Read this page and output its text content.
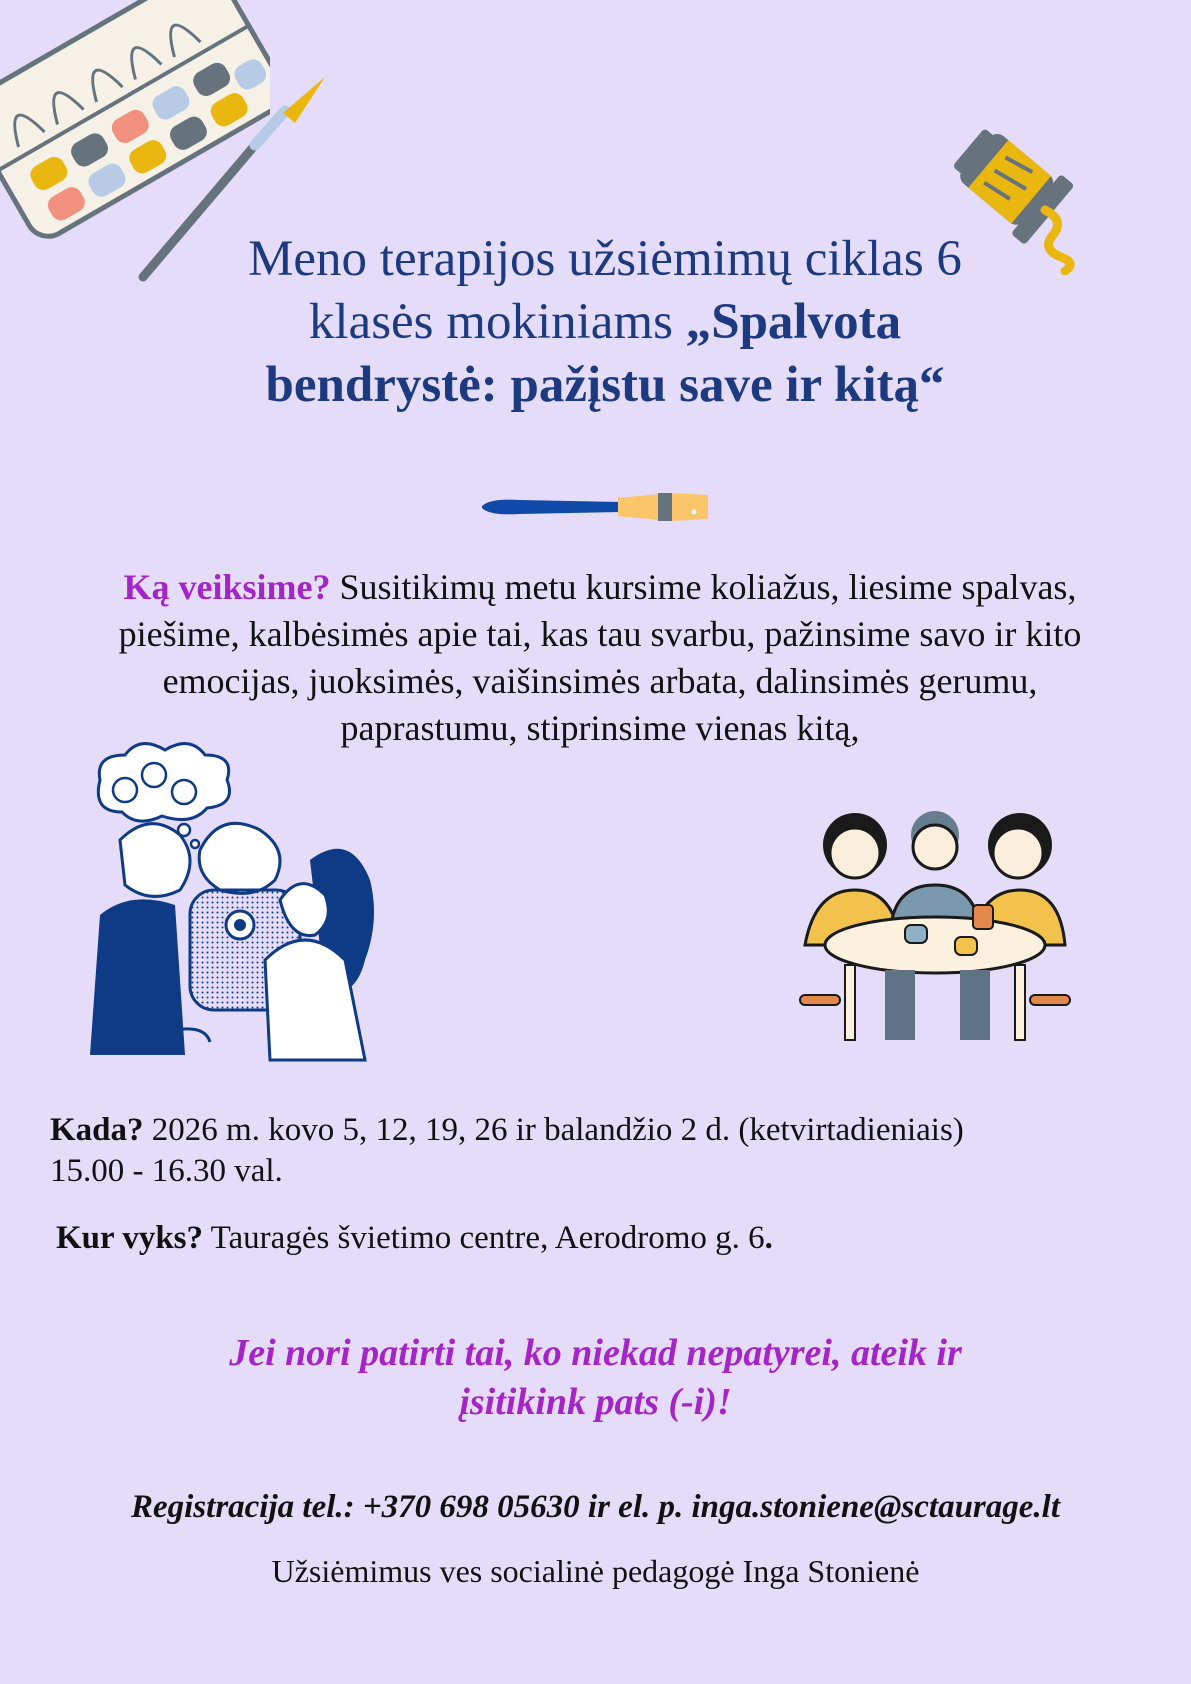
Meno terapijos užsiėmimų ciklas 6
klasės mokiniams „Spalvota
bendrystė: pažįstu save ir kitą“
Ką veiksime? Susitikimų metu kursime koliažus, liesime spalvas, piešime, kalbėsimės apie tai, kas tau svarbu, pažinsime savo ir kito emocijas, juoksimės, vaišinsimės arbata, dalinsimės gerumu, paprastumu, stiprinsime vienas kitą,
Kada? 2026 m. kovo 5, 12, 19, 26 ir balandžio 2 d. (ketvirtadieniais)
15.00 - 16.30 val.
Kur vyks? Tauragės švietimo centre, Aerodromo g. 6.
Jei nori patirti tai, ko niekad nepatyrei, ateik ir
įsitikink pats (-i)!
Registracija tel.: +370 698 05630 ir el. p. inga.stoniene@sctaurage.lt
Užsiėmimus ves socialinė pedagogė Inga Stonienė
